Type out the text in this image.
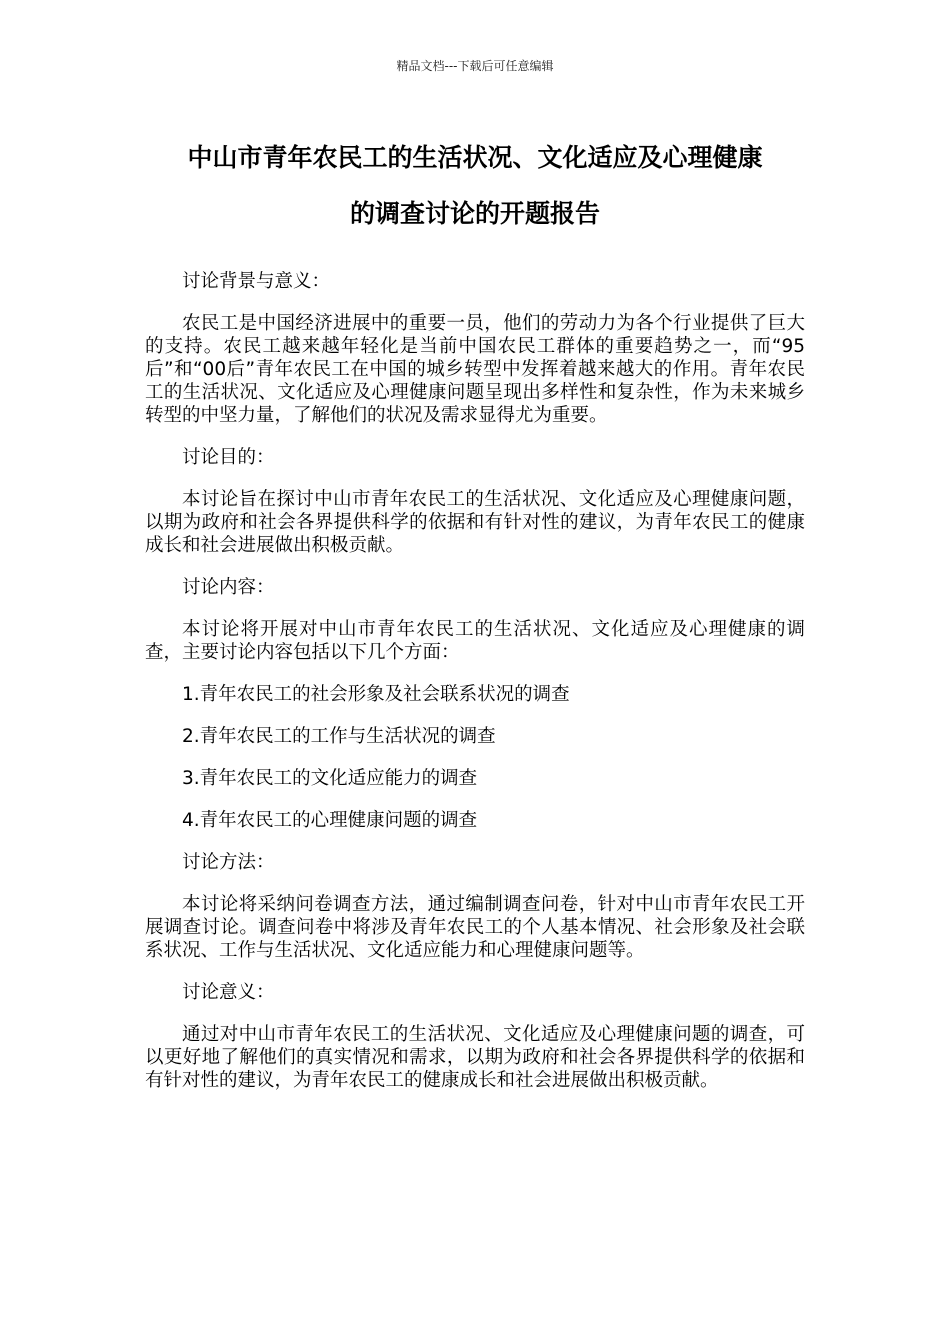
精品文档---下载后可任意编辑
中山市青年农民工的生活状况、文化适应及心理健康
的调查讨论的开题报告

讨论背景与意义：

农民工是中国经济进展中的重要一员，他们的劳动力为各个行业提供了巨大的支持。农民工越来越年轻化是当前中国农民工群体的重要趋势之一，而“95后”和“00后”青年农民工在中国的城乡转型中发挥着越来越大的作用。青年农民工的生活状况、文化适应及心理健康问题呈现出多样性和复杂性，作为未来城乡转型的中坚力量，了解他们的状况及需求显得尤为重要。

讨论目的：

本讨论旨在探讨中山市青年农民工的生活状况、文化适应及心理健康问题，以期为政府和社会各界提供科学的依据和有针对性的建议，为青年农民工的健康成长和社会进展做出积极贡献。

讨论内容：

本讨论将开展对中山市青年农民工的生活状况、文化适应及心理健康的调查，主要讨论内容包括以下几个方面：

1.青年农民工的社会形象及社会联系状况的调查

2.青年农民工的工作与生活状况的调查

3.青年农民工的文化适应能力的调查

4.青年农民工的心理健康问题的调查

讨论方法：

本讨论将采纳问卷调查方法，通过编制调查问卷，针对中山市青年农民工开展调查讨论。调查问卷中将涉及青年农民工的个人基本情况、社会形象及社会联系状况、工作与生活状况、文化适应能力和心理健康问题等。

讨论意义：

通过对中山市青年农民工的生活状况、文化适应及心理健康问题的调查，可以更好地了解他们的真实情况和需求，以期为政府和社会各界提供科学的依据和有针对性的建议，为青年农民工的健康成长和社会进展做出积极贡献。
